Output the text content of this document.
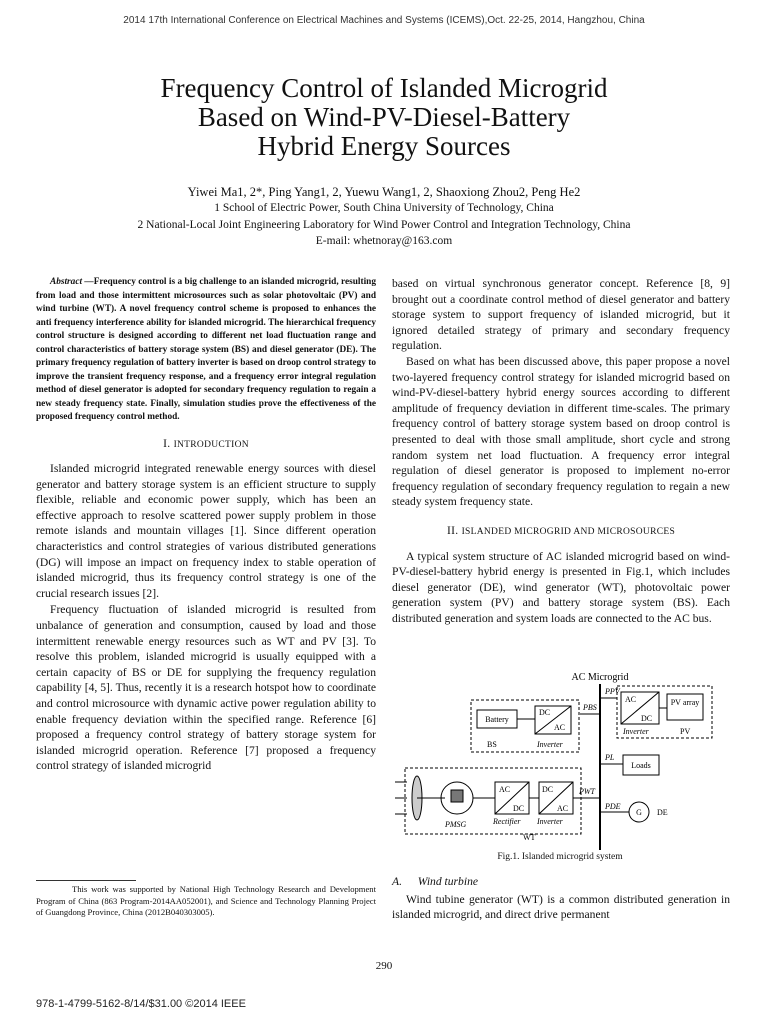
2014 17th International Conference on Electrical Machines and Systems (ICEMS),Oct. 22-25, 2014, Hangzhou, China
Frequency Control of Islanded Microgrid
Based on Wind-PV-Diesel-Battery
Hybrid Energy Sources
Yiwei Ma1, 2*, Ping Yang1, 2, Yuewu Wang1, 2, Shaoxiong Zhou2, Peng He2
1 School of Electric Power, South China University of Technology, China
2 National-Local Joint Engineering Laboratory for Wind Power Control and Integration Technology, China
E-mail: whetnoray@163.com
Abstract —Frequency control is a big challenge to an islanded microgrid, resulting from load and those intermittent microsources such as solar photovoltaic (PV) and wind turbine (WT). A novel frequency control scheme is proposed to enhances the anti frequency interference ability for islanded microgrid. The hierarchical frequency control structure is designed according to different net load fluctuation range and control characteristics of battery storage system (BS) and diesel generator (DE). The primary frequency regulation of battery inverter is based on droop control strategy to improve the transient frequency response, and a frequency error integral regulation method of diesel generator is adopted for secondary frequency regulation to regain a new steady frequency state. Finally, simulation studies prove the effectiveness of the proposed frequency control method.
I. INTRODUCTION

Islanded microgrid integrated renewable energy sources with diesel generator and battery storage system is an efficient structure to supply flexible, reliable and economic power supply, which has been an effective approach to resolve scattered power supply problem in those remote islands and mountain villages [1]. Since different operation characteristics and control strategies of various distributed generations (DG) will impose an impact on frequency index to stable operation of islanded microgrid, thus its frequency control strategy is one of the crucial research issues [2].

Frequency fluctuation of islanded microgrid is resulted from unbalance of generation and consumption, caused by load and those intermittent renewable energy resources such as WT and PV [3]. To resolve this problem, islanded microgrid is usually equipped with a certain capacity of BS or DE for supplying the frequency regulation capability [4, 5]. Thus, recently it is a research hotspot how to coordinate and control microsource with dynamic active power regulation ability to enable frequency deviation within the specified range. Reference [6] proposed a frequency control strategy of battery storage system for islanded microgrid operation. Reference [7] proposed a frequency control strategy of islanded microgrid

This work was supported by National High Technology Research and Development Program of China (863 Program-2014AA052001), and Science and Technology Planning Project of Guangdong Province, China (2012B040303005).

based on virtual synchronous generator concept. Reference [8, 9] brought out a coordinate control method of diesel generator and battery storage system to support frequency of islanded microgrid, but it ignored detailed strategy of primary and secondary frequency regulation.

Based on what has been discussed above, this paper propose a novel two-layered frequency control strategy for islanded microgrid based on wind-PV-diesel-battery hybrid energy sources according to different amplitude of frequency deviation in different time-scales. The primary frequency control of battery storage system based on droop control is presented to deal with those small amplitude, short cycle and strong random system net load fluctuation. A frequency error integral regulation of diesel generator is proposed to implement no-error frequency regulation of secondary frequency regulation to regain a new steady system frequency state.

II. ISLANDED MICROGRID AND MICROSOURCES

A typical system structure of AC islanded microgrid based on wind-PV-diesel-battery hybrid energy is presented in Fig.1, which includes diesel generator (DE), wind generator (WT), photovoltaic power generation system (PV) and battery storage system (BS). Each distributed generation and system loads are connected to the AC bus.

AC Microgrid
PPV
AC
DC
PV array
Inverter	PV
PBS
Battery
DC
AC
BS	Inverter
PL
Loads
PMSG
AC
DC
DC
AC
Rectifier Inverter
WT
PWT
PDE
G DE
Fig.1. Islanded microgrid system
A. Wind turbine

Wind tubine generator (WT) is a common distributed generation in islanded microgrid, and direct drive permanent

290
978-1-4799-5162-8/14/$31.00 ©2014 IEEE
